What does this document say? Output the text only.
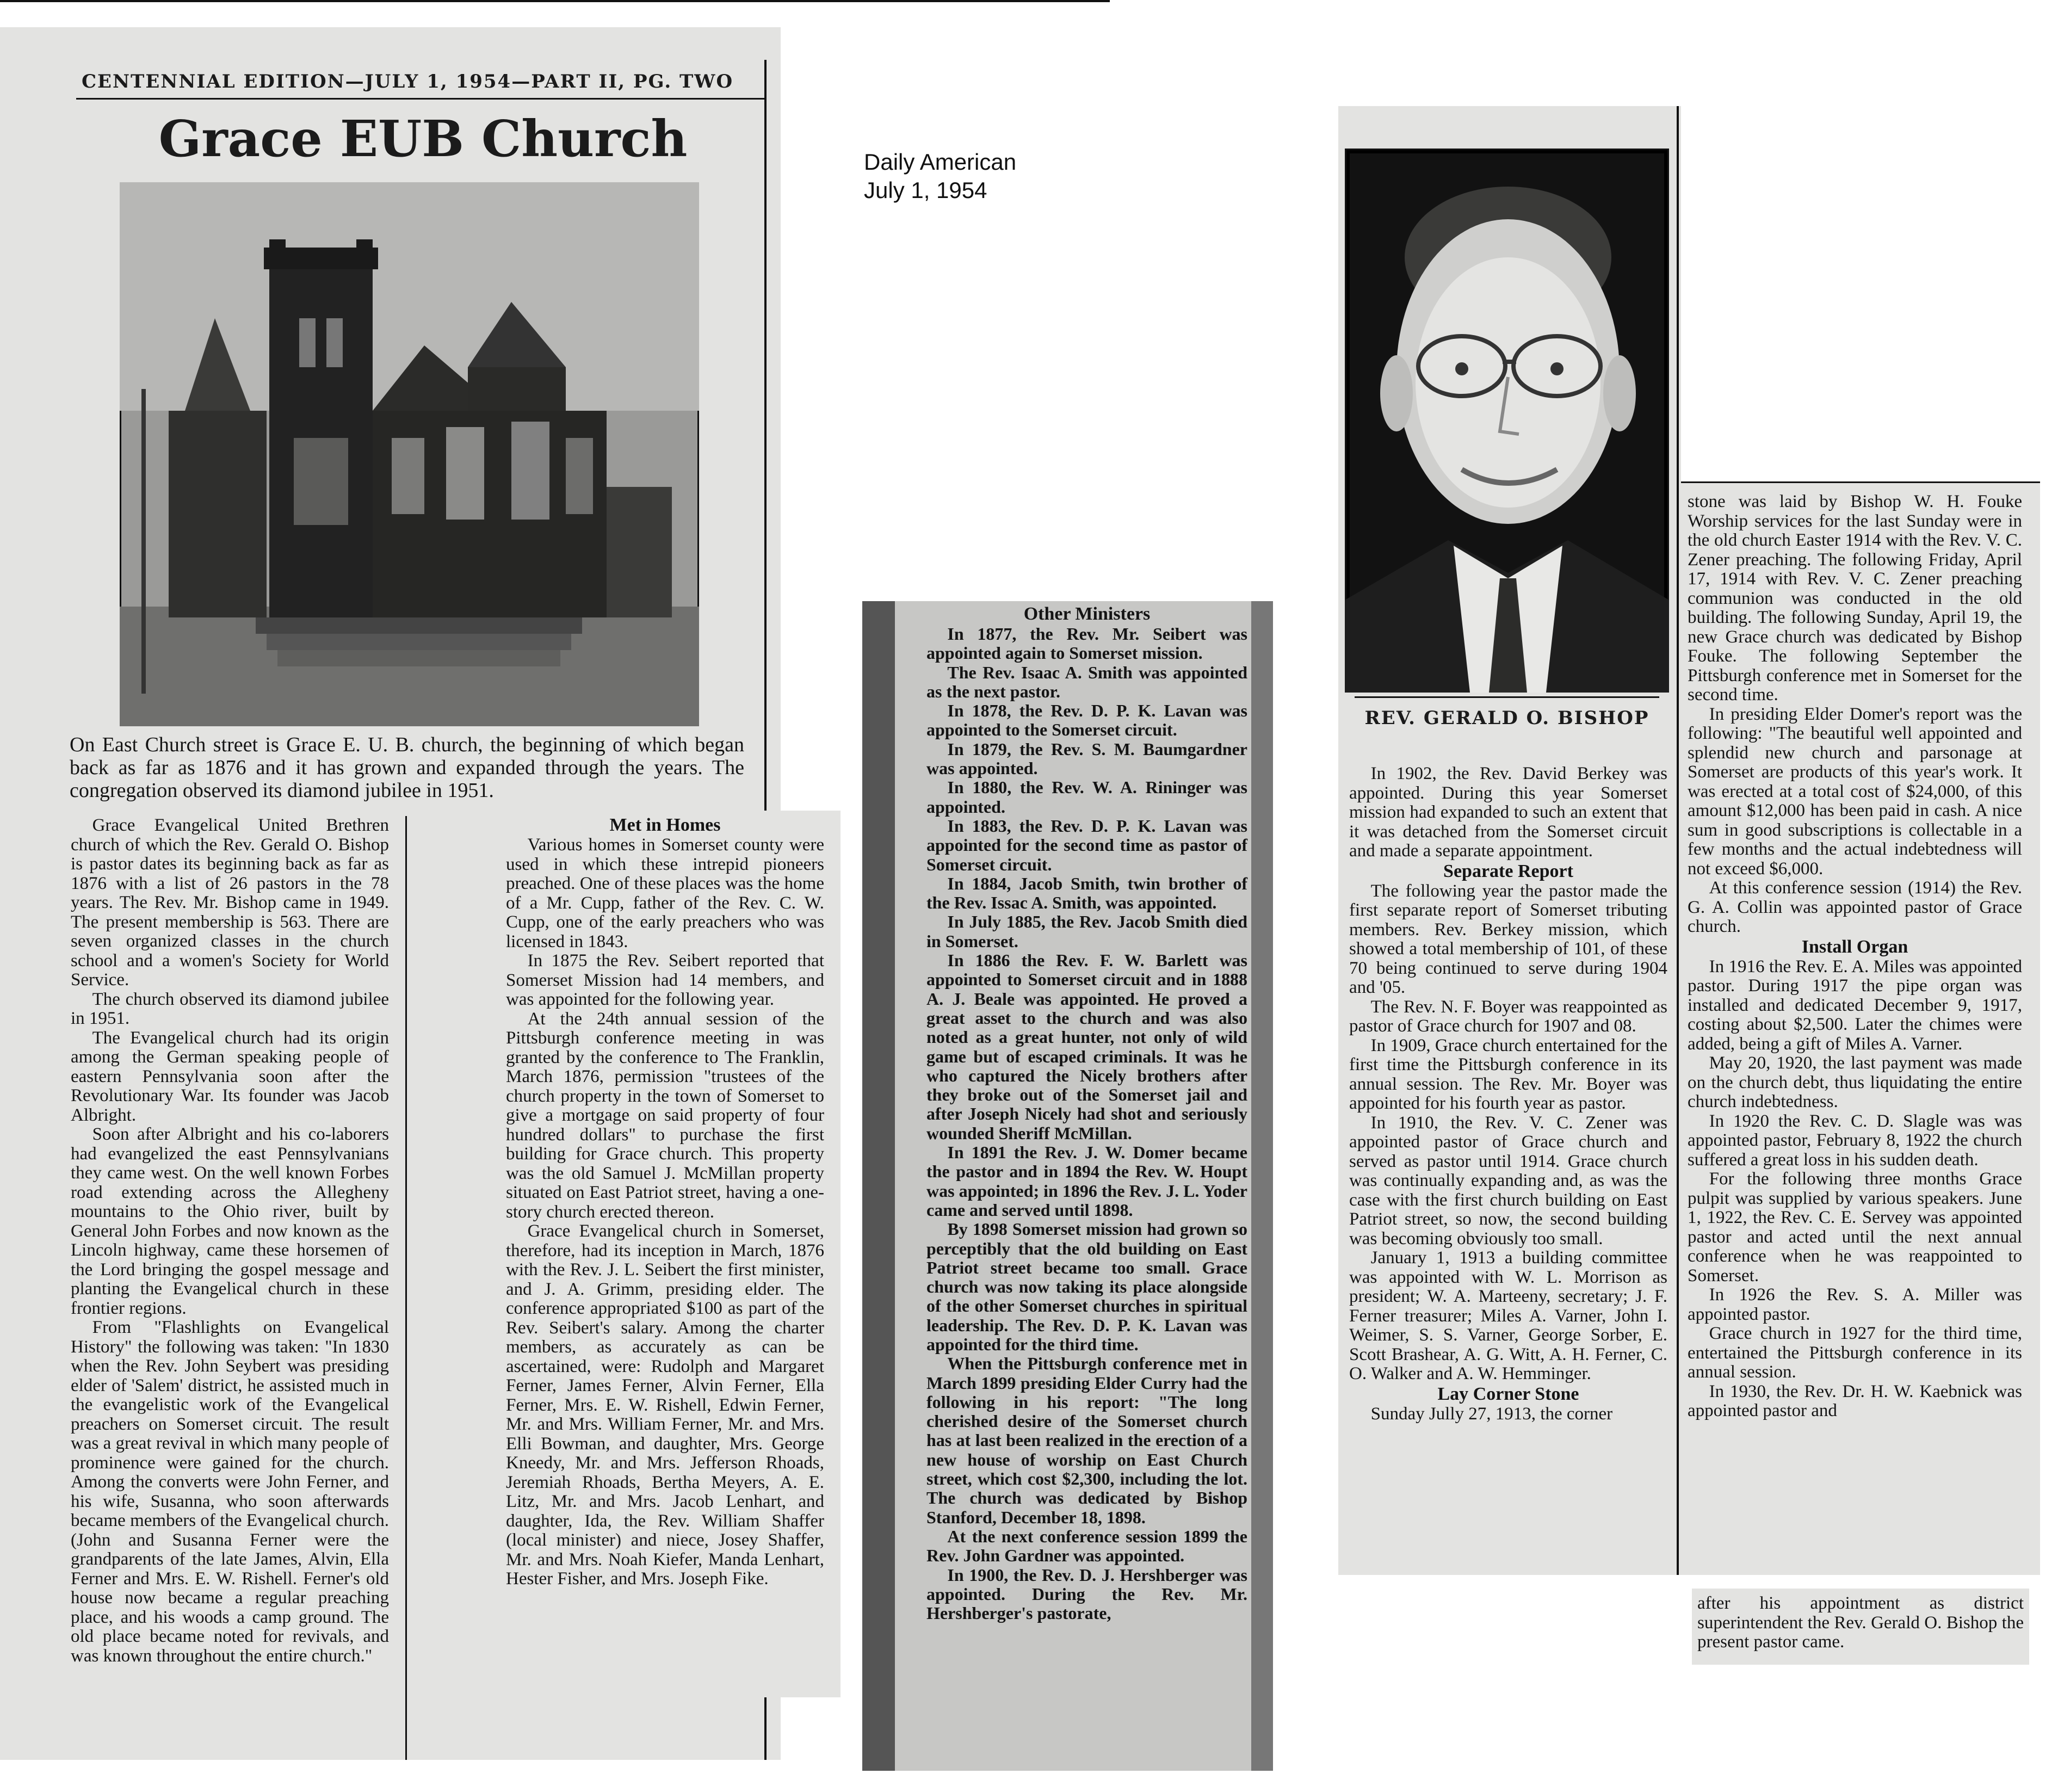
CENTENNIAL EDITION—JULY 1, 1954—PART II, PG. TWO
Grace EUB Church
On East Church street is Grace E. U. B. church, the beginning of which began back as far as 1876 and it has grown and expanded through the years. The congregation observed its diamond jubilee in 1951.

Grace Evangelical United Brethren church of which the Rev. Gerald O. Bishop is pastor dates its beginning back as far as 1876 with a list of 26 pastors in the 78 years. The Rev. Mr. Bishop came in 1949. The present membership is 563. There are seven organized classes in the church school and a women's Society for World Service.

The church observed its diamond jubilee in 1951.

The Evangelical church had its origin among the German speaking people of eastern Pennsylvania soon after the Revolutionary War. Its founder was Jacob Albright.

Soon after Albright and his co-laborers had evangelized the east Pennsylvanians they came west. On the well known Forbes road extending across the Allegheny mountains to the Ohio river, built by General John Forbes and now known as the Lincoln highway, came these horsemen of the Lord bringing the gospel message and planting the Evangelical church in these frontier regions.

From "Flashlights on Evangelical History" the following was taken: "In 1830 when the Rev. John Seybert was presiding elder of 'Salem' district, he assisted much in the evangelistic work of the Evangelical preachers on Somerset circuit. The result was a great revival in which many people of prominence were gained for the church. Among the converts were John Ferner, and his wife, Susanna, who soon afterwards became members of the Evangelical church. (John and Susanna Ferner were the grandparents of the late James, Alvin, Ella Ferner and Mrs. E. W. Rishell. Ferner's old house now became a regular preaching place, and his woods a camp ground. The old place became noted for revivals, and was known throughout the entire church."

Met in Homes

Various homes in Somerset county were used in which these intrepid pioneers preached. One of these places was the home of a Mr. Cupp, father of the Rev. C. W. Cupp, one of the early preachers who was licensed in 1843.

In 1875 the Rev. Seibert reported that Somerset Mission had 14 members, and was appointed for the following year.

At the 24th annual session of the Pittsburgh conference meeting in was granted by the conference to The Franklin, March 1876, permission "trustees of the church property in the town of Somerset to give a mortgage on said property of four hundred dollars" to purchase the first building for Grace church. This property was the old Samuel J. McMillan property situated on East Patriot street, having a one-story church erected thereon.

Grace Evangelical church in Somerset, therefore, had its inception in March, 1876 with the Rev. J. L. Seibert the first minister, and J. A. Grimm, presiding elder. The conference appropriated $100 as part of the Rev. Seibert's salary. Among the charter members, as accurately as can be ascertained, were: Rudolph and Margaret Ferner, James Ferner, Alvin Ferner, Ella Ferner, Mrs. E. W. Rishell, Edwin Ferner, Mr. and Mrs. William Ferner, Mr. and Mrs. Elli Bowman, and daughter, Mrs. George Kneedy, Mr. and Mrs. Jefferson Rhoads, Jeremiah Rhoads, Bertha Meyers, A. E. Litz, Mr. and Mrs. Jacob Lenhart, and daughter, Ida, the Rev. William Shaffer (local minister) and niece, Josey Shaffer, Mr. and Mrs. Noah Kiefer, Manda Lenhart, Hester Fisher, and Mrs. Joseph Fike.

Other Ministers

In 1877, the Rev. Mr. Seibert was appointed again to Somerset mission.

The Rev. Isaac A. Smith was appointed as the next pastor.

In 1878, the Rev. D. P. K. Lavan was appointed to the Somerset circuit.

In 1879, the Rev. S. M. Baumgardner was appointed.

In 1880, the Rev. W. A. Rininger was appointed.

In 1883, the Rev. D. P. K. Lavan was appointed for the second time as pastor of Somerset circuit.

In 1884, Jacob Smith, twin brother of the Rev. Issac A. Smith, was appointed.

In July 1885, the Rev. Jacob Smith died in Somerset.

In 1886 the Rev. F. W. Barlett was appointed to Somerset circuit and in 1888 A. J. Beale was appointed. He proved a great asset to the church and was also noted as a great hunter, not only of wild game but of escaped criminals. It was he who captured the Nicely brothers after they broke out of the Somerset jail and after Joseph Nicely had shot and seriously wounded Sheriff McMillan.

In 1891 the Rev. J. W. Domer became the pastor and in 1894 the Rev. W. Houpt was appointed; in 1896 the Rev. J. L. Yoder came and served until 1898.

By 1898 Somerset mission had grown so perceptibly that the old building on East Patriot street became too small. Grace church was now taking its place alongside of the other Somerset churches in spiritual leadership. The Rev. D. P. K. Lavan was appointed for the third time.

When the Pittsburgh conference met in March 1899 presiding Elder Curry had the following in his report: "The long cherished desire of the Somerset church has at last been realized in the erection of a new house of worship on East Church street, which cost $2,300, including the lot. The church was dedicated by Bishop Stanford, December 18, 1898.

At the next conference session 1899 the Rev. John Gardner was appointed.

In 1900, the Rev. D. J. Hershberger was appointed. During the Rev. Mr. Hershberger's pastorate,

Daily American
July 1, 1954
REV. GERALD O. BISHOP

In 1902, the Rev. David Berkey was appointed. During this year Somerset mission had expanded to such an extent that it was detached from the Somerset circuit and made a separate appointment.

Separate Report

The following year the pastor made the first separate report of Somerset tributing members. Rev. Berkey mission, which showed a total membership of 101, of these 70 being continued to serve during 1904 and '05.

The Rev. N. F. Boyer was reappointed as pastor of Grace church for 1907 and 08.

In 1909, Grace church entertained for the first time the Pittsburgh conference in its annual session. The Rev. Mr. Boyer was appointed for his fourth year as pastor.

In 1910, the Rev. V. C. Zener was appointed pastor of Grace church and served as pastor until 1914. Grace church was continually expanding and, as was the case with the first church building on East Patriot street, so now, the second building was becoming obviously too small.

January 1, 1913 a building committee was appointed with W. L. Morrison as president; W. A. Marteeny, secretary; J. F. Ferner treasurer; Miles A. Varner, John I. Weimer, S. S. Varner, George Sorber, E. Scott Brashear, A. G. Witt, A. H. Ferner, C. O. Walker and A. W. Hemminger.

Lay Corner Stone

Sunday Jully 27, 1913, the corner

stone was laid by Bishop W. H. Fouke Worship services for the last Sunday were in the old church Easter 1914 with the Rev. V. C. Zener preaching. The following Friday, April 17, 1914 with Rev. V. C. Zener preaching communion was conducted in the old building. The following Sunday, April 19, the new Grace church was dedicated by Bishop Fouke. The following September the Pittsburgh conference met in Somerset for the second time.

In presiding Elder Domer's report was the following: "The beautiful well appointed and splendid new church and parsonage at Somerset are products of this year's work. It was erected at a total cost of $24,000, of this amount $12,000 has been paid in cash. A nice sum in good subscriptions is collectable in a few months and the actual indebtedness will not exceed $6,000.

At this conference session (1914) the Rev. G. A. Collin was appointed pastor of Grace church.

Install Organ

In 1916 the Rev. E. A. Miles was appointed pastor. During 1917 the pipe organ was installed and dedicated December 9, 1917, costing about $2,500. Later the chimes were added, being a gift of Miles A. Varner.

May 20, 1920, the last payment was made on the church debt, thus liquidating the entire church indebtedness.

In 1920 the Rev. C. D. Slagle was was appointed pastor, February 8, 1922 the church suffered a great loss in his sudden death.

For the following three months Grace pulpit was supplied by various speakers. June 1, 1922, the Rev. C. E. Servey was appointed pastor and acted until the next annual conference when he was reappointed to Somerset.

In 1926 the Rev. S. A. Miller was appointed pastor.

Grace church in 1927 for the third time, entertained the Pittsburgh conference in its annual session.

In 1930, the Rev. Dr. H. W. Kaebnick was appointed pastor and

after his appointment as district superintendent the Rev. Gerald O. Bishop the present pastor came.
